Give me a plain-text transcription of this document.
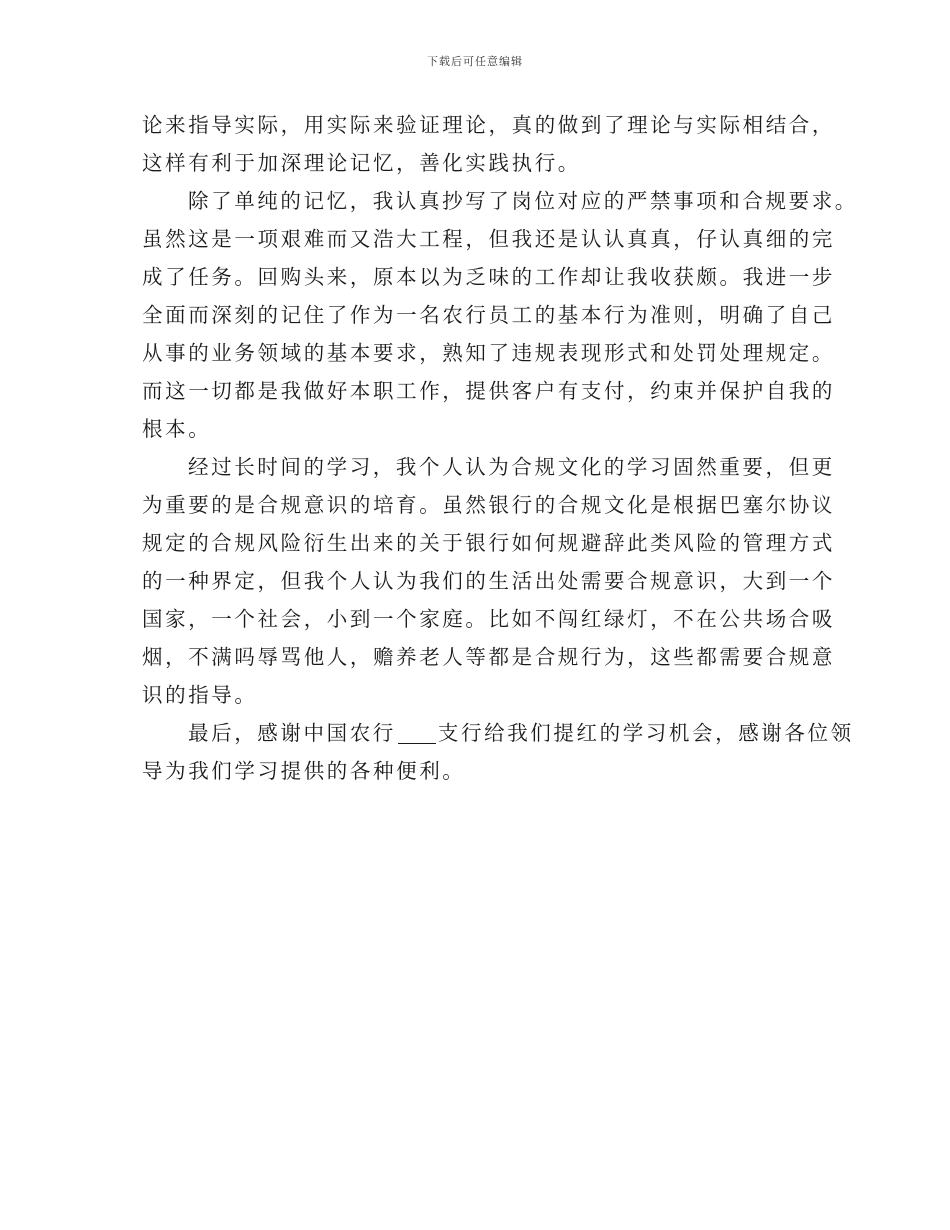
下载后可任意编辑
论来指导实际，用实际来验证理论，真的做到了理论与实际相结合，
这样有利于加深理论记忆，善化实践执行。
除了单纯的记忆，我认真抄写了岗位对应的严禁事项和合规要求。
虽然这是一项艰难而又浩大工程，但我还是认认真真，仔认真细的完
成了任务。回购头来，原本以为乏味的工作却让我收获颇。我进一步
全面而深刻的记住了作为一名农行员工的基本行为准则，明确了自己
从事的业务领域的基本要求，熟知了违规表现形式和处罚处理规定。
而这一切都是我做好本职工作，提供客户有支付，约束并保护自我的
根本。
经过长时间的学习，我个人认为合规文化的学习固然重要，但更
为重要的是合规意识的培育。虽然银行的合规文化是根据巴塞尔协议
规定的合规风险衍生出来的关于银行如何规避辞此类风险的管理方式
的一种界定，但我个人认为我们的生活出处需要合规意识，大到一个
国家，一个社会，小到一个家庭。比如不闯红绿灯，不在公共场合吸
烟，不满吗辱骂他人，赡养老人等都是合规行为，这些都需要合规意
识的指导。
最后，感谢中国农行 支行给我们提红的学习机会，感谢各位领
导为我们学习提供的各种便利。
